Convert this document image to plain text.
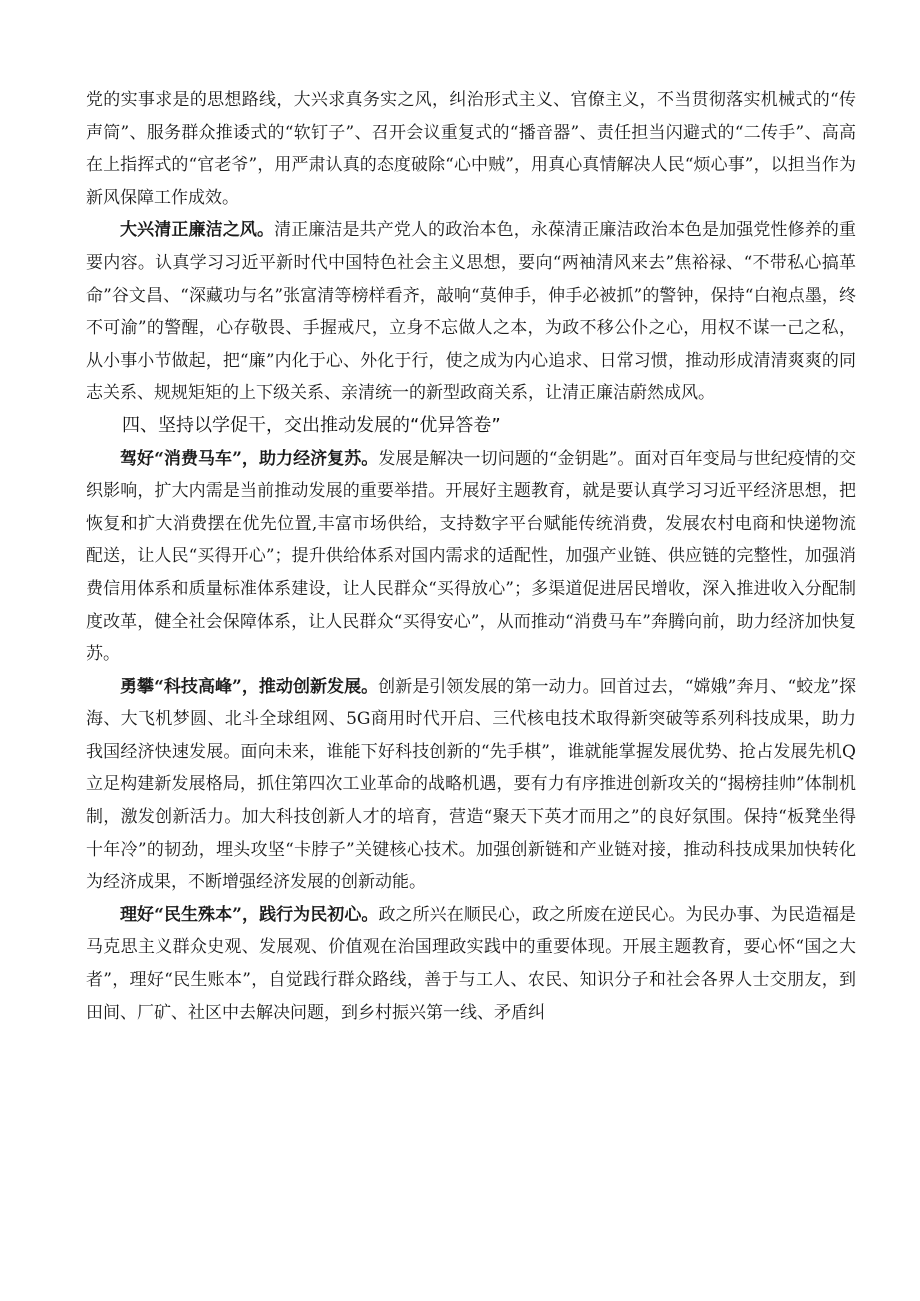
党的实事求是的思想路线，大兴求真务实之风，纠治形式主义、官僚主义，不当贯彻落实机械式的“传声筒”、服务群众推诿式的“软钉子”、召开会议重复式的“播音器”、责任担当闪避式的“二传手”、高高在上指挥式的“官老爷”，用严肃认真的态度破除“心中贼”，用真心真情解决人民“烦心事”，以担当作为新风保障工作成效。

大兴清正廉洁之风。清正廉洁是共产党人的政治本色，永葆清正廉洁政治本色是加强党性修养的重要内容。认真学习习近平新时代中国特色社会主义思想，要向“两袖清风来去”焦裕禄、“不带私心搞革命”谷文昌、“深藏功与名”张富清等榜样看齐，敲响“莫伸手，伸手必被抓”的警钟，保持“白袍点墨，终不可渝”的警醒，心存敬畏、手握戒尺，立身不忘做人之本，为政不移公仆之心，用权不谋一己之私，从小事小节做起，把“廉”内化于心、外化于行，使之成为内心追求、日常习惯，推动形成清清爽爽的同志关系、规规矩矩的上下级关系、亲清统一的新型政商关系，让清正廉洁蔚然成风。

四、坚持以学促干，交出推动发展的“优异答卷”

驾好“消费马车”，助力经济复苏。发展是解决一切问题的“金钥匙”。面对百年变局与世纪疫情的交织影响，扩大内需是当前推动发展的重要举措。开展好主题教育，就是要认真学习习近平经济思想，把恢复和扩大消费摆在优先位置,丰富市场供给，支持数字平台赋能传统消费，发展农村电商和快递物流配送，让人民“买得开心”；提升供给体系对国内需求的适配性，加强产业链、供应链的完整性，加强消费信用体系和质量标准体系建设，让人民群众“买得放心”；多渠道促进居民增收，深入推进收入分配制度改革，健全社会保障体系，让人民群众“买得安心”，从而推动“消费马车”奔腾向前，助力经济加快复苏。

勇攀“科技高峰”，推动创新发展。创新是引领发展的第一动力。回首过去，“嫦娥”奔月、“蛟龙”探海、大飞机梦圆、北斗全球组网、5G商用时代开启、三代核电技术取得新突破等系列科技成果，助力我国经济快速发展。面向未来，谁能下好科技创新的“先手棋”，谁就能掌握发展优势、抢占发展先机Q立足构建新发展格局，抓住第四次工业革命的战略机遇，要有力有序推进创新攻关的“揭榜挂帅”体制机制，激发创新活力。加大科技创新人才的培育，营造“聚天下英才而用之”的良好氛围。保持“板凳坐得十年冷”的韧劲，埋头攻坚“卡脖子”关键核心技术。加强创新链和产业链对接，推动科技成果加快转化为经济成果，不断增强经济发展的创新动能。

理好“民生殊本”，践行为民初心。政之所兴在顺民心，政之所废在逆民心。为民办事、为民造福是马克思主义群众史观、发展观、价值观在治国理政实践中的重要体现。开展主题教育，要心怀“国之大者”，理好“民生账本”，自觉践行群众路线，善于与工人、农民、知识分子和社会各界人士交朋友，到田间、厂矿、社区中去解决问题，到乡村振兴第一线、矛盾纠
